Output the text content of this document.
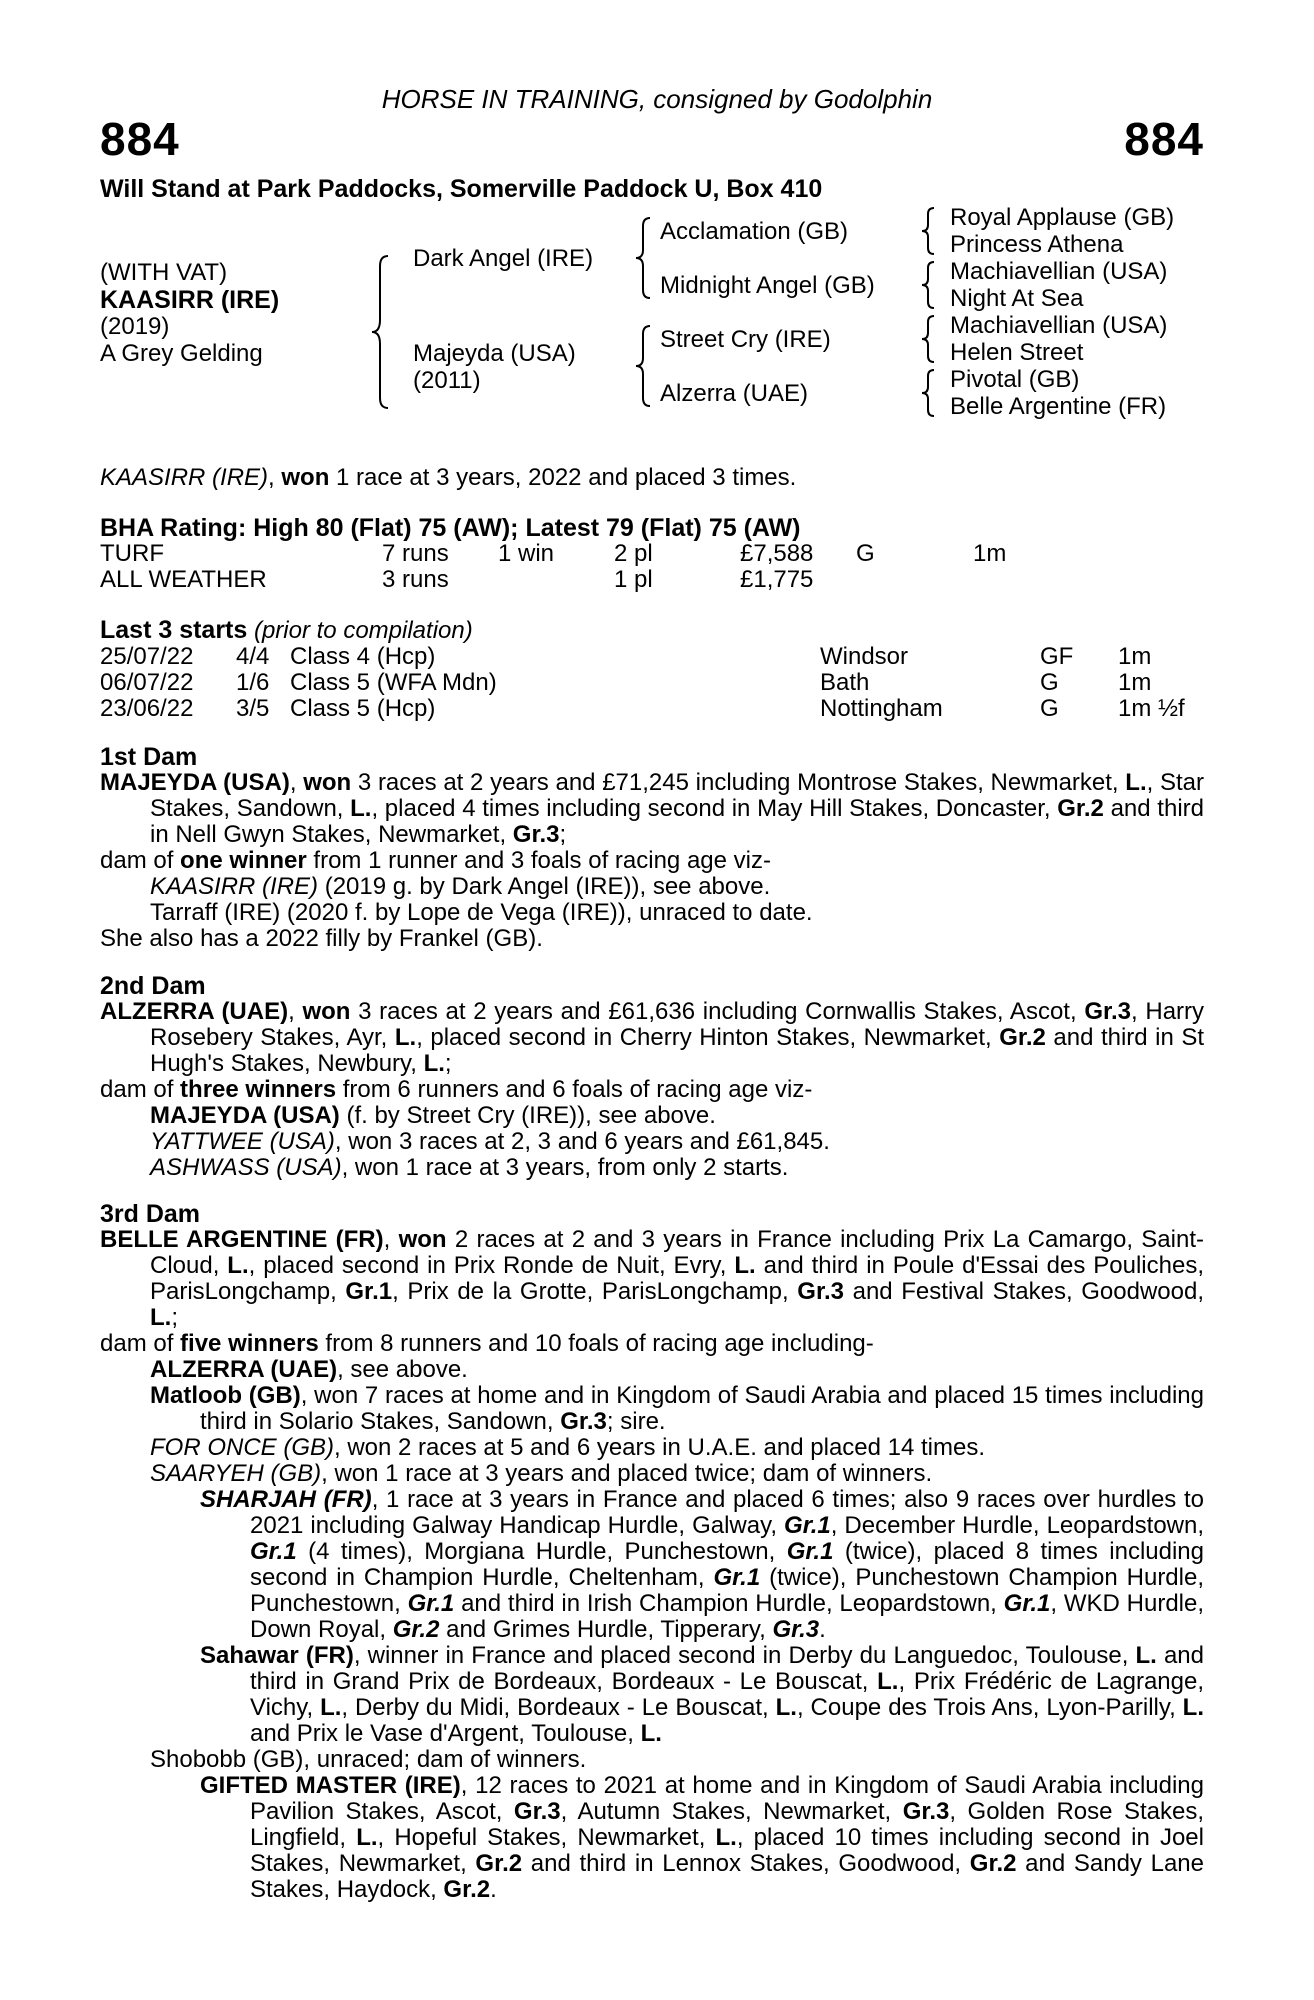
HORSE IN TRAINING, consigned by Godolphin
884	884
Will Stand at Park Paddocks, Somerville Paddock U, Box 410
(WITH VAT)
KAASIRR (IRE)
(2019)
A Grey Gelding
Dark Angel (IRE)
Majeyda (USA)
(2011)
Acclamation (GB)
Midnight Angel (GB)
Street Cry (IRE)
Alzerra (UAE)
Royal Applause (GB)
Princess Athena
Machiavellian (USA)
Night At Sea
Machiavellian (USA)
Helen Street
Pivotal (GB)
Belle Argentine (FR)
KAASIRR (IRE), won 1 race at 3 years, 2022 and placed 3 times.
BHA Rating: High 80 (Flat) 75 (AW); Latest 79 (Flat) 75 (AW)
TURF	7 runs 1 win 2 pl	£7,588 G	1m
ALL WEATHER	3 runs	1 pl	£1,775
Last 3 starts (prior to compilation)
25/07/22 4/4 Class 4 (Hcp)	Windsor	GF 1m
06/07/22 1/6 Class 5 (WFA Mdn)	Bath	G 1m
23/06/22 3/5 Class 5 (Hcp)	Nottingham	G 1m ½f
1st Dam
MAJEYDA (USA), won 3 races at 2 years and £71,245 including Montrose Stakes, Newmarket, L., Star Stakes, Sandown, L., placed 4 times including second in May Hill Stakes, Doncaster, Gr.2 and third in Nell Gwyn Stakes, Newmarket, Gr.3;
dam of one winner from 1 runner and 3 foals of racing age viz-
KAASIRR (IRE) (2019 g. by Dark Angel (IRE)), see above.
Tarraff (IRE) (2020 f. by Lope de Vega (IRE)), unraced to date.
She also has a 2022 filly by Frankel (GB).
2nd Dam
ALZERRA (UAE), won 3 races at 2 years and £61,636 including Cornwallis Stakes, Ascot, Gr.3, Harry Rosebery Stakes, Ayr, L., placed second in Cherry Hinton Stakes, Newmarket, Gr.2 and third in St Hugh's Stakes, Newbury, L.;
dam of three winners from 6 runners and 6 foals of racing age viz-
MAJEYDA (USA) (f. by Street Cry (IRE)), see above.
YATTWEE (USA), won 3 races at 2, 3 and 6 years and £61,845.
ASHWASS (USA), won 1 race at 3 years, from only 2 starts.
3rd Dam
BELLE ARGENTINE (FR), won 2 races at 2 and 3 years in France including Prix La Camargo, Saint-Cloud, L., placed second in Prix Ronde de Nuit, Evry, L. and third in Poule d'Essai des Pouliches, ParisLongchamp, Gr.1, Prix de la Grotte, ParisLongchamp, Gr.3 and Festival Stakes, Goodwood, L.;
dam of five winners from 8 runners and 10 foals of racing age including-
ALZERRA (UAE), see above.
Matloob (GB), won 7 races at home and in Kingdom of Saudi Arabia and placed 15 times including third in Solario Stakes, Sandown, Gr.3; sire.
FOR ONCE (GB), won 2 races at 5 and 6 years in U.A.E. and placed 14 times.
SAARYEH (GB), won 1 race at 3 years and placed twice; dam of winners.
SHARJAH (FR), 1 race at 3 years in France and placed 6 times; also 9 races over hurdles to 2021 including Galway Handicap Hurdle, Galway, Gr.1, December Hurdle, Leopardstown, Gr.1 (4 times), Morgiana Hurdle, Punchestown, Gr.1 (twice), placed 8 times including second in Champion Hurdle, Cheltenham, Gr.1 (twice), Punchestown Champion Hurdle, Punchestown, Gr.1 and third in Irish Champion Hurdle, Leopardstown, Gr.1, WKD Hurdle, Down Royal, Gr.2 and Grimes Hurdle, Tipperary, Gr.3.
Sahawar (FR), winner in France and placed second in Derby du Languedoc, Toulouse, L. and third in Grand Prix de Bordeaux, Bordeaux - Le Bouscat, L., Prix Frédéric de Lagrange, Vichy, L., Derby du Midi, Bordeaux - Le Bouscat, L., Coupe des Trois Ans, Lyon-Parilly, L. and Prix le Vase d'Argent, Toulouse, L.
Shobobb (GB), unraced; dam of winners.
GIFTED MASTER (IRE), 12 races to 2021 at home and in Kingdom of Saudi Arabia including Pavilion Stakes, Ascot, Gr.3, Autumn Stakes, Newmarket, Gr.3, Golden Rose Stakes, Lingfield, L., Hopeful Stakes, Newmarket, L., placed 10 times including second in Joel Stakes, Newmarket, Gr.2 and third in Lennox Stakes, Goodwood, Gr.2 and Sandy Lane Stakes, Haydock, Gr.2.
